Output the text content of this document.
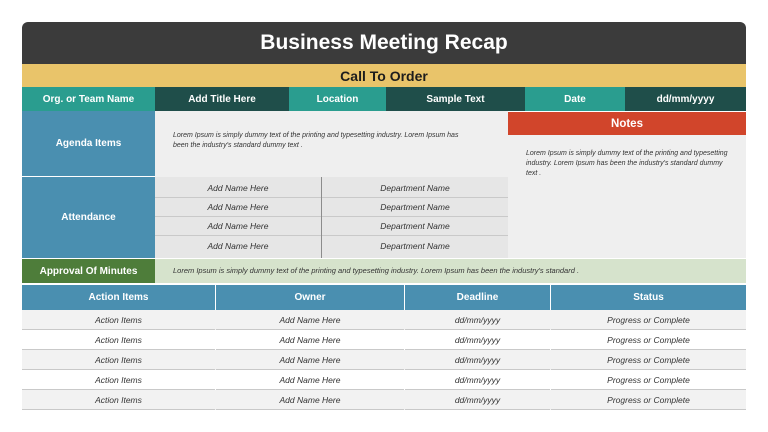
Business Meeting Recap
Call To Order
Org. or Team Name	Add Title Here	Location	Sample Text	Date	dd/mm/yyyy
Agenda Items
Lorem Ipsum is simply dummy text of the printing and typesetting industry. Lorem Ipsum has been the industry's standard dummy text .
Notes
Lorem Ipsum is simply dummy text of the printing and typesetting industry. Lorem Ipsum has been the industry's standard dummy text .
Attendance
Add Name Here	Department Name
Add Name Here	Department Name
Add Name Here	Department Name
Add Name Here	Department Name
Approval Of Minutes	Lorem Ipsum is simply dummy text of the printing and typesetting industry. Lorem Ipsum has been the industry's standard .
Action Items	Owner	Deadline	Status
Action Items	Add Name Here	dd/mm/yyyy	Progress or Complete
Action Items	Add Name Here	dd/mm/yyyy	Progress or Complete
Action Items	Add Name Here	dd/mm/yyyy	Progress or Complete
Action Items	Add Name Here	dd/mm/yyyy	Progress or Complete
Action Items	Add Name Here	dd/mm/yyyy	Progress or Complete
